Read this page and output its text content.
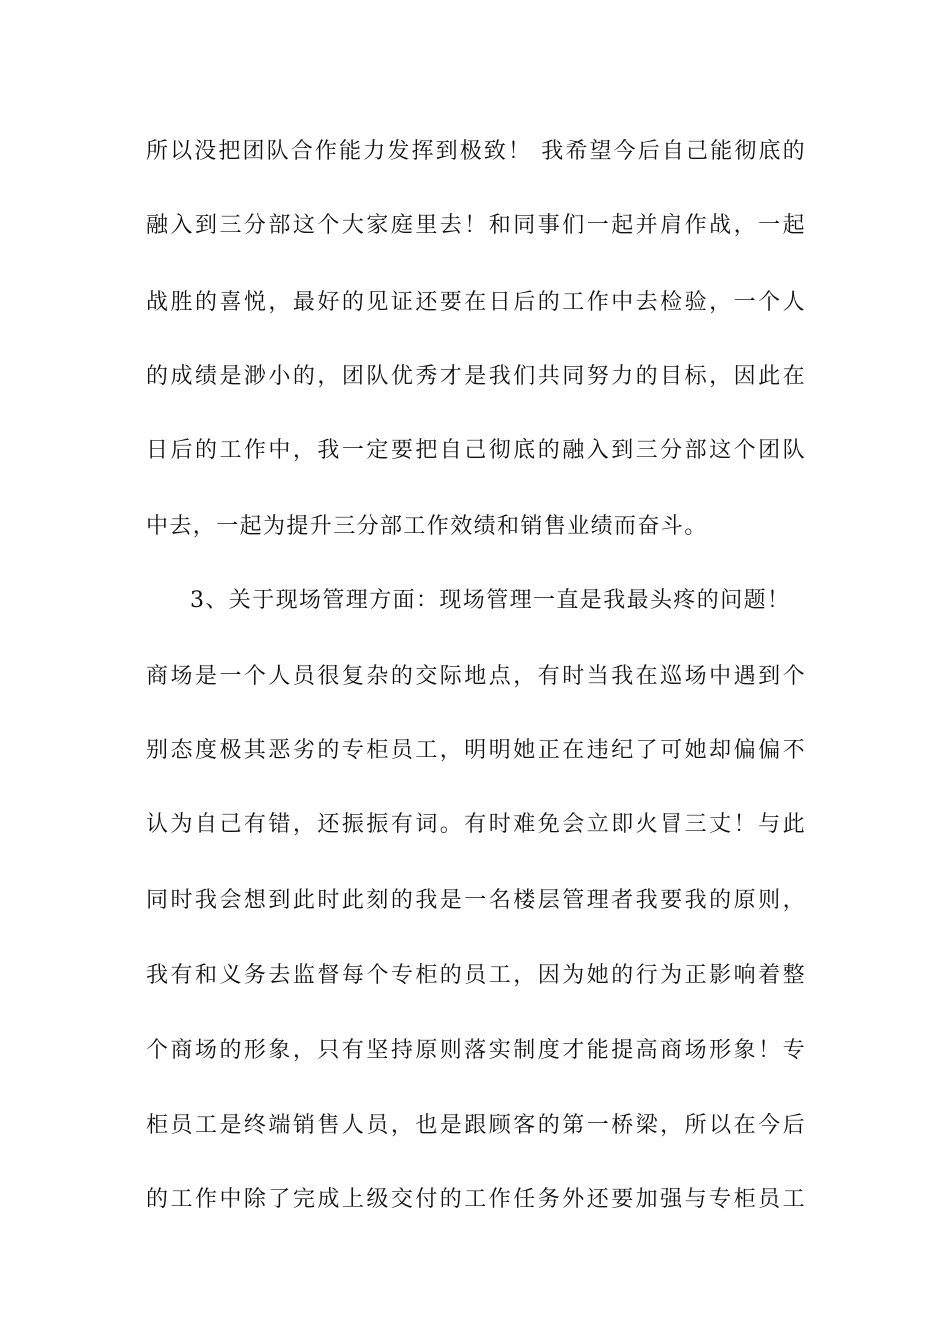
所以没把团队合作能力发挥到极致！ 我希望今后自己能彻底的
融入到三分部这个大家庭里去！和同事们一起并肩作战，一起
战胜的喜悦，最好的见证还要在日后的工作中去检验，一个人
的成绩是渺小的，团队优秀才是我们共同努力的目标，因此在
日后的工作中，我一定要把自己彻底的融入到三分部这个团队
中去，一起为提升三分部工作效绩和销售业绩而奋斗。
3、关于现场管理方面：现场管理一直是我最头疼的问题！
商场是一个人员很复杂的交际地点，有时当我在巡场中遇到个
别态度极其恶劣的专柜员工，明明她正在违纪了可她却偏偏不
认为自己有错，还振振有词。有时难免会立即火冒三丈！与此
同时我会想到此时此刻的我是一名楼层管理者我要我的原则，
我有和义务去监督每个专柜的员工，因为她的行为正影响着整
个商场的形象，只有坚持原则落实制度才能提高商场形象！专
柜员工是终端销售人员，也是跟顾客的第一桥梁，所以在今后
的工作中除了完成上级交付的工作任务外还要加强与专柜员工
